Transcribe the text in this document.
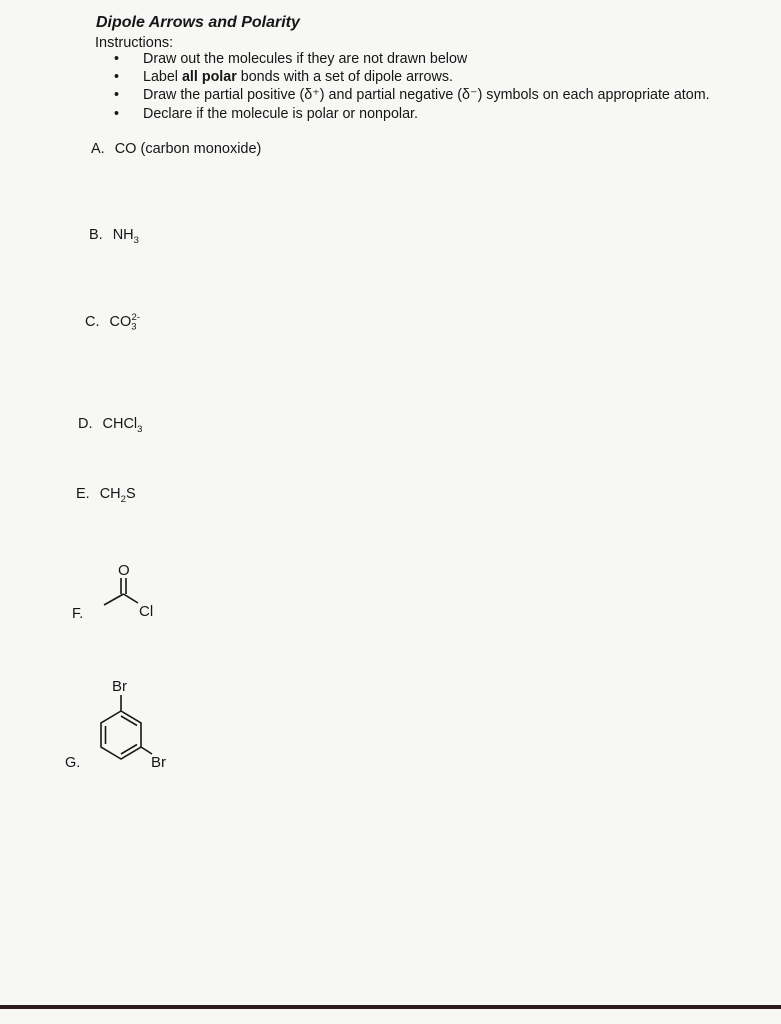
Dipole Arrows and Polarity
Instructions:
• Draw out the molecules if they are not drawn below
• Label all polar bonds with a set of dipole arrows.
• Draw the partial positive (δ⁺) and partial negative (δ⁻) symbols on each appropriate atom.
• Declare if the molecule is polar or nonpolar.
A. CO (carbon monoxide)
B. $NH_3$
C. $CO_3^{2-}$
D. CHCl$_3$
E. $CH_2S$
F.
O
Cl
G.
Br
Br
